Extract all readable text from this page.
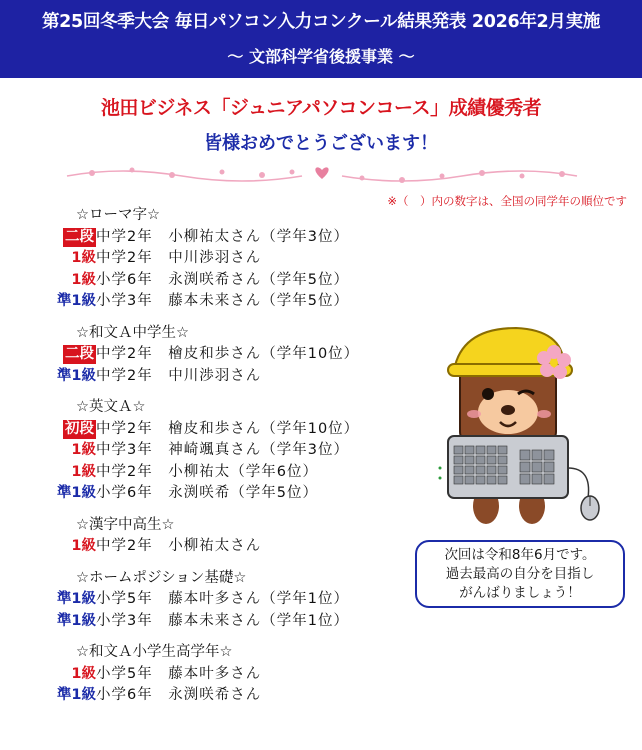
第25回冬季大会 毎日パソコン入力コンクール結果発表 2026年2月実施
～ 文部科学省後援事業 ～
池田ビジネス「ジュニアパソコンコース」成績優秀者
皆様おめでとうございます！
※（　）内の数字は、全国の同学年の順位です
☆ローマ字☆
二段 中学2年　小柳祐太さん （学年3位）
1級 中学2年　中川渉羽さん
1級 小学6年　永渕咲希さん （学年5位）
準1級 小学3年　藤本未来さん （学年5位）
☆和文Ａ中学生☆
二段 中学2年　檜皮和歩さん （学年10位）
準1級 中学2年　中川渉羽さん
☆英文Ａ☆
初段 中学2年　檜皮和歩さん （学年10位）
1級 中学3年　神崎颯真さん （学年3位）
1級 中学2年　小柳祐太 （学年6位）
準1級 小学6年　永渕咲希 （学年5位）
☆漢字中高生☆
1級 中学2年　小柳祐太さん
☆ホームポジション基礎☆
準1級 小学5年　藤本叶多さん （学年1位）
準1級 小学3年　藤本未来さん （学年1位）
☆和文Ａ小学生高学年☆
1級 小学5年　藤本叶多さん
準1級 小学6年　永渕咲希さん
次回は令和8年6月です。
過去最高の自分を目指し
がんばりましょう！
